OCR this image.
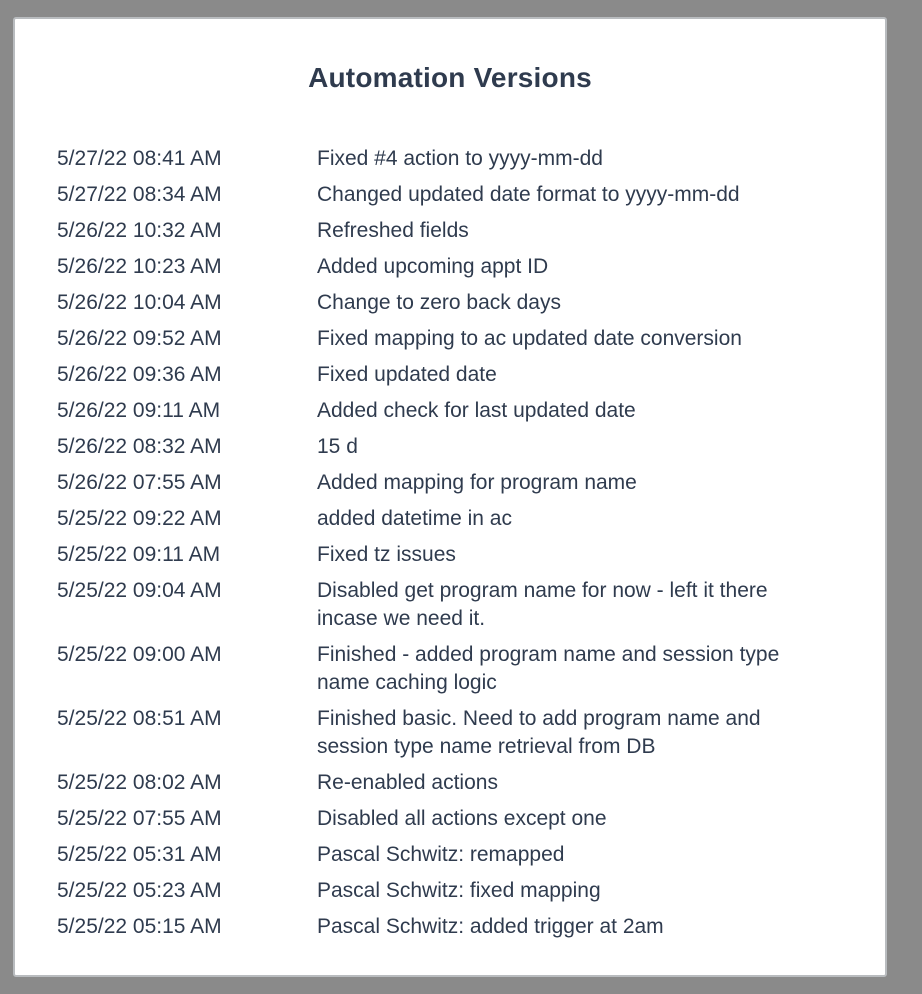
Automation Versions
5/27/22 08:41 AM	Fixed #4 action to yyyy-mm-dd
5/27/22 08:34 AM	Changed updated date format to yyyy-mm-dd
5/26/22 10:32 AM	Refreshed fields
5/26/22 10:23 AM	Added upcoming appt ID
5/26/22 10:04 AM	Change to zero back days
5/26/22 09:52 AM	Fixed mapping to ac updated date conversion
5/26/22 09:36 AM	Fixed updated date
5/26/22 09:11 AM	Added check for last updated date
5/26/22 08:32 AM	15 d
5/26/22 07:55 AM	Added mapping for program name
5/25/22 09:22 AM	added datetime in ac
5/25/22 09:11 AM	Fixed tz issues
5/25/22 09:04 AM	Disabled get program name for now - left it there incase we need it.
5/25/22 09:00 AM	Finished - added program name and session type name caching logic
5/25/22 08:51 AM	Finished basic. Need to add program name and session type name retrieval from DB
5/25/22 08:02 AM	Re-enabled actions
5/25/22 07:55 AM	Disabled all actions except one
5/25/22 05:31 AM	Pascal Schwitz: remapped
5/25/22 05:23 AM	Pascal Schwitz: fixed mapping
5/25/22 05:15 AM	Pascal Schwitz: added trigger at 2am
